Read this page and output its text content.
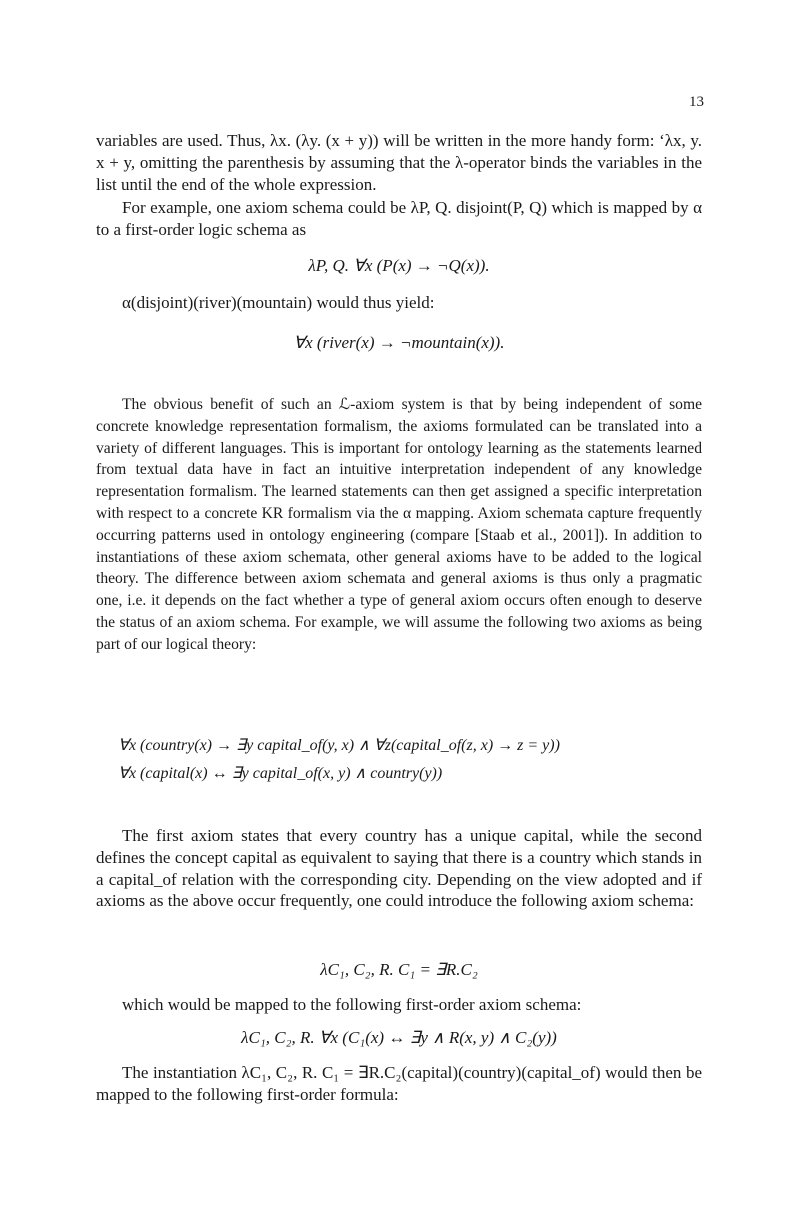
13

variables are used. Thus, λx. (λy. (x + y)) will be written in the more handy form: ‘λx, y. x + y, omitting the parenthesis by assuming that the λ-operator binds the variables in the list until the end of the whole expression.

For example, one axiom schema could be λP, Q. disjoint(P, Q) which is mapped by α to a first-order logic schema as

λP, Q. ∀x (P(x) → ¬Q(x)).

α(disjoint)(river)(mountain) would thus yield:

∀x (river(x) → ¬mountain(x)).

The obvious benefit of such an ℒ-axiom system is that by being independent of some concrete knowledge representation formalism, the axioms formulated can be translated into a variety of different languages. This is important for ontology learning as the statements learned from textual data have in fact an intuitive interpretation independent of any knowledge representation formalism. The learned statements can then get assigned a specific interpretation with respect to a concrete KR formalism via the α mapping. Axiom schemata capture frequently occurring patterns used in ontology engineering (compare [Staab et al., 2001]). In addition to instantiations of these axiom schemata, other general axioms have to be added to the logical theory. The difference between axiom schemata and general axioms is thus only a pragmatic one, i.e. it depends on the fact whether a type of general axiom occurs often enough to deserve the status of an axiom schema. For example, we will assume the following two axioms as being part of our logical theory:

∀x (country(x) → ∃y capital_of(y, x) ∧ ∀z(capital_of(z, x) → z = y))
∀x (capital(x) ↔ ∃y capital_of(x, y) ∧ country(y))

The first axiom states that every country has a unique capital, while the second defines the concept capital as equivalent to saying that there is a country which stands in a capital_of relation with the corresponding city. Depending on the view adopted and if axioms as the above occur frequently, one could introduce the following axiom schema:

λC₁, C₂, R. C₁ = ∃R.C₂

which would be mapped to the following first-order axiom schema:

λC₁, C₂, R. ∀x (C₁(x) ↔ ∃y ∧ R(x, y) ∧ C₂(y))

The instantiation λC₁, C₂, R. C₁ = ∃R.C₂(capital)(country)(capital_of) would then be mapped to the following first-order formula:
